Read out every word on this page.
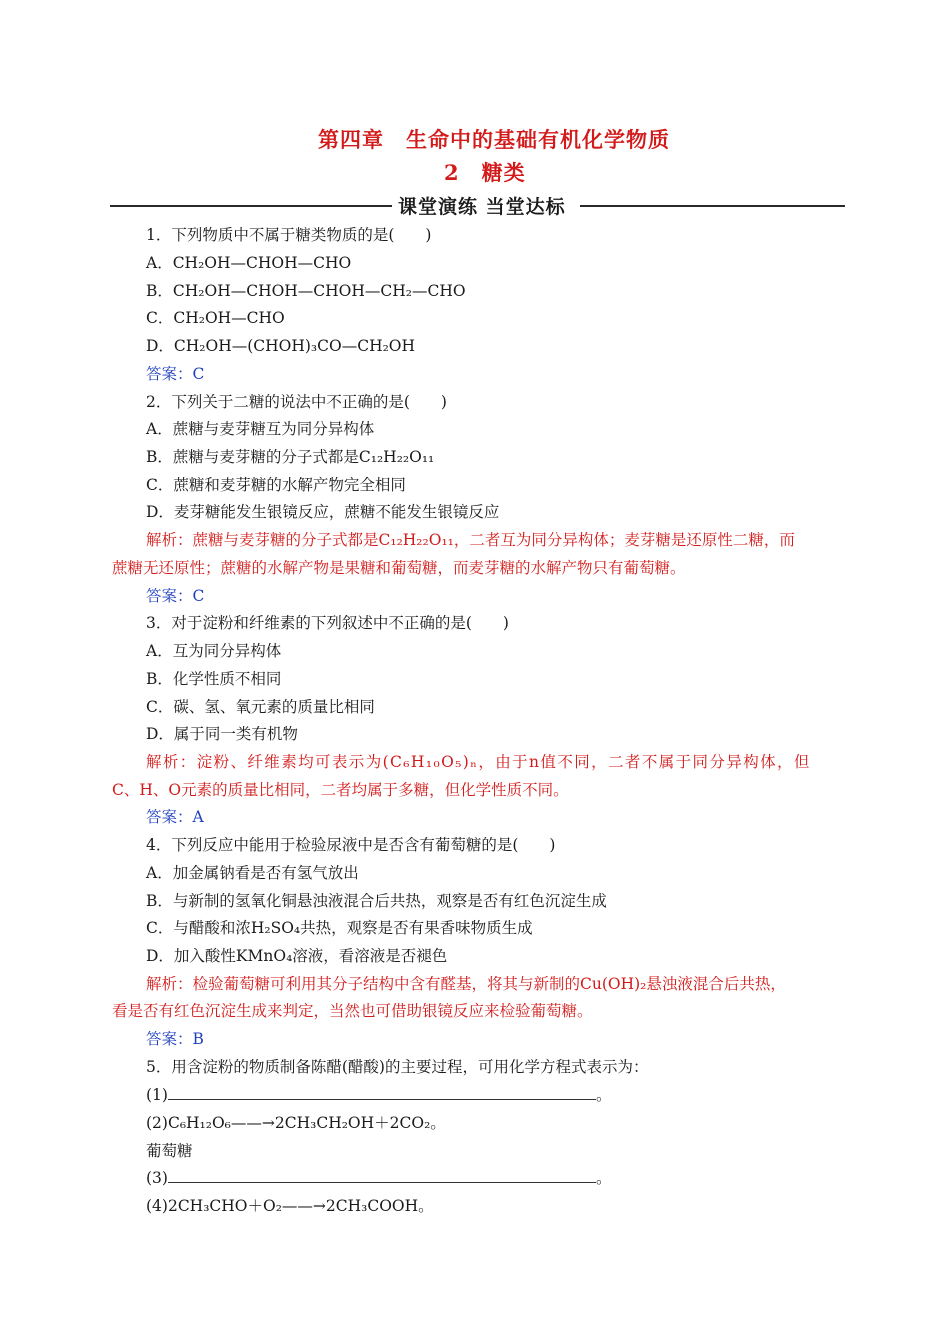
第四章　生命中的基础有机化学物质
2　糖类
课堂演练 当堂达标
1．下列物质中不属于糖类物质的是(　　)
A．CH₂OH—CHOH—CHO
B．CH₂OH—CHOH—CHOH—CH₂—CHO
C．CH₂OH—CHO
D．CH₂OH—(CHOH)₃CO—CH₂OH
答案：C
2．下列关于二糖的说法中不正确的是(　　)
A．蔗糖与麦芽糖互为同分异构体
B．蔗糖与麦芽糖的分子式都是C₁₂H₂₂O₁₁
C．蔗糖和麦芽糖的水解产物完全相同
D．麦芽糖能发生银镜反应，蔗糖不能发生银镜反应
解析：蔗糖与麦芽糖的分子式都是C₁₂H₂₂O₁₁，二者互为同分异构体；麦芽糖是还原性二糖，而
蔗糖无还原性；蔗糖的水解产物是果糖和葡萄糖，而麦芽糖的水解产物只有葡萄糖。
答案：C
3．对于淀粉和纤维素的下列叙述中不正确的是(　　)
A．互为同分异构体
B．化学性质不相同
C．碳、氢、氧元素的质量比相同
D．属于同一类有机物
解析：淀粉、纤维素均可表示为(C₆H₁₀O₅)ₙ，由于n值不同，二者不属于同分异构体，但
C、H、O元素的质量比相同，二者均属于多糖，但化学性质不同。
答案：A
4．下列反应中能用于检验尿液中是否含有葡萄糖的是(　　)
A．加金属钠看是否有氢气放出
B．与新制的氢氧化铜悬浊液混合后共热，观察是否有红色沉淀生成
C．与醋酸和浓H₂SO₄共热，观察是否有果香味物质生成
D．加入酸性KMnO₄溶液，看溶液是否褪色
解析：检验葡萄糖可利用其分子结构中含有醛基，将其与新制的Cu(OH)₂悬浊液混合后共热，
看是否有红色沉淀生成来判定，当然也可借助银镜反应来检验葡萄糖。
答案：B
5．用含淀粉的物质制备陈醋(醋酸)的主要过程，可用化学方程式表示为：
(1)	。
(2)C₆H₁₂O₆——→2CH₃CH₂OH＋2CO₂。
葡萄糖
(3)	。
(4)2CH₃CHO＋O₂——→2CH₃COOH。
